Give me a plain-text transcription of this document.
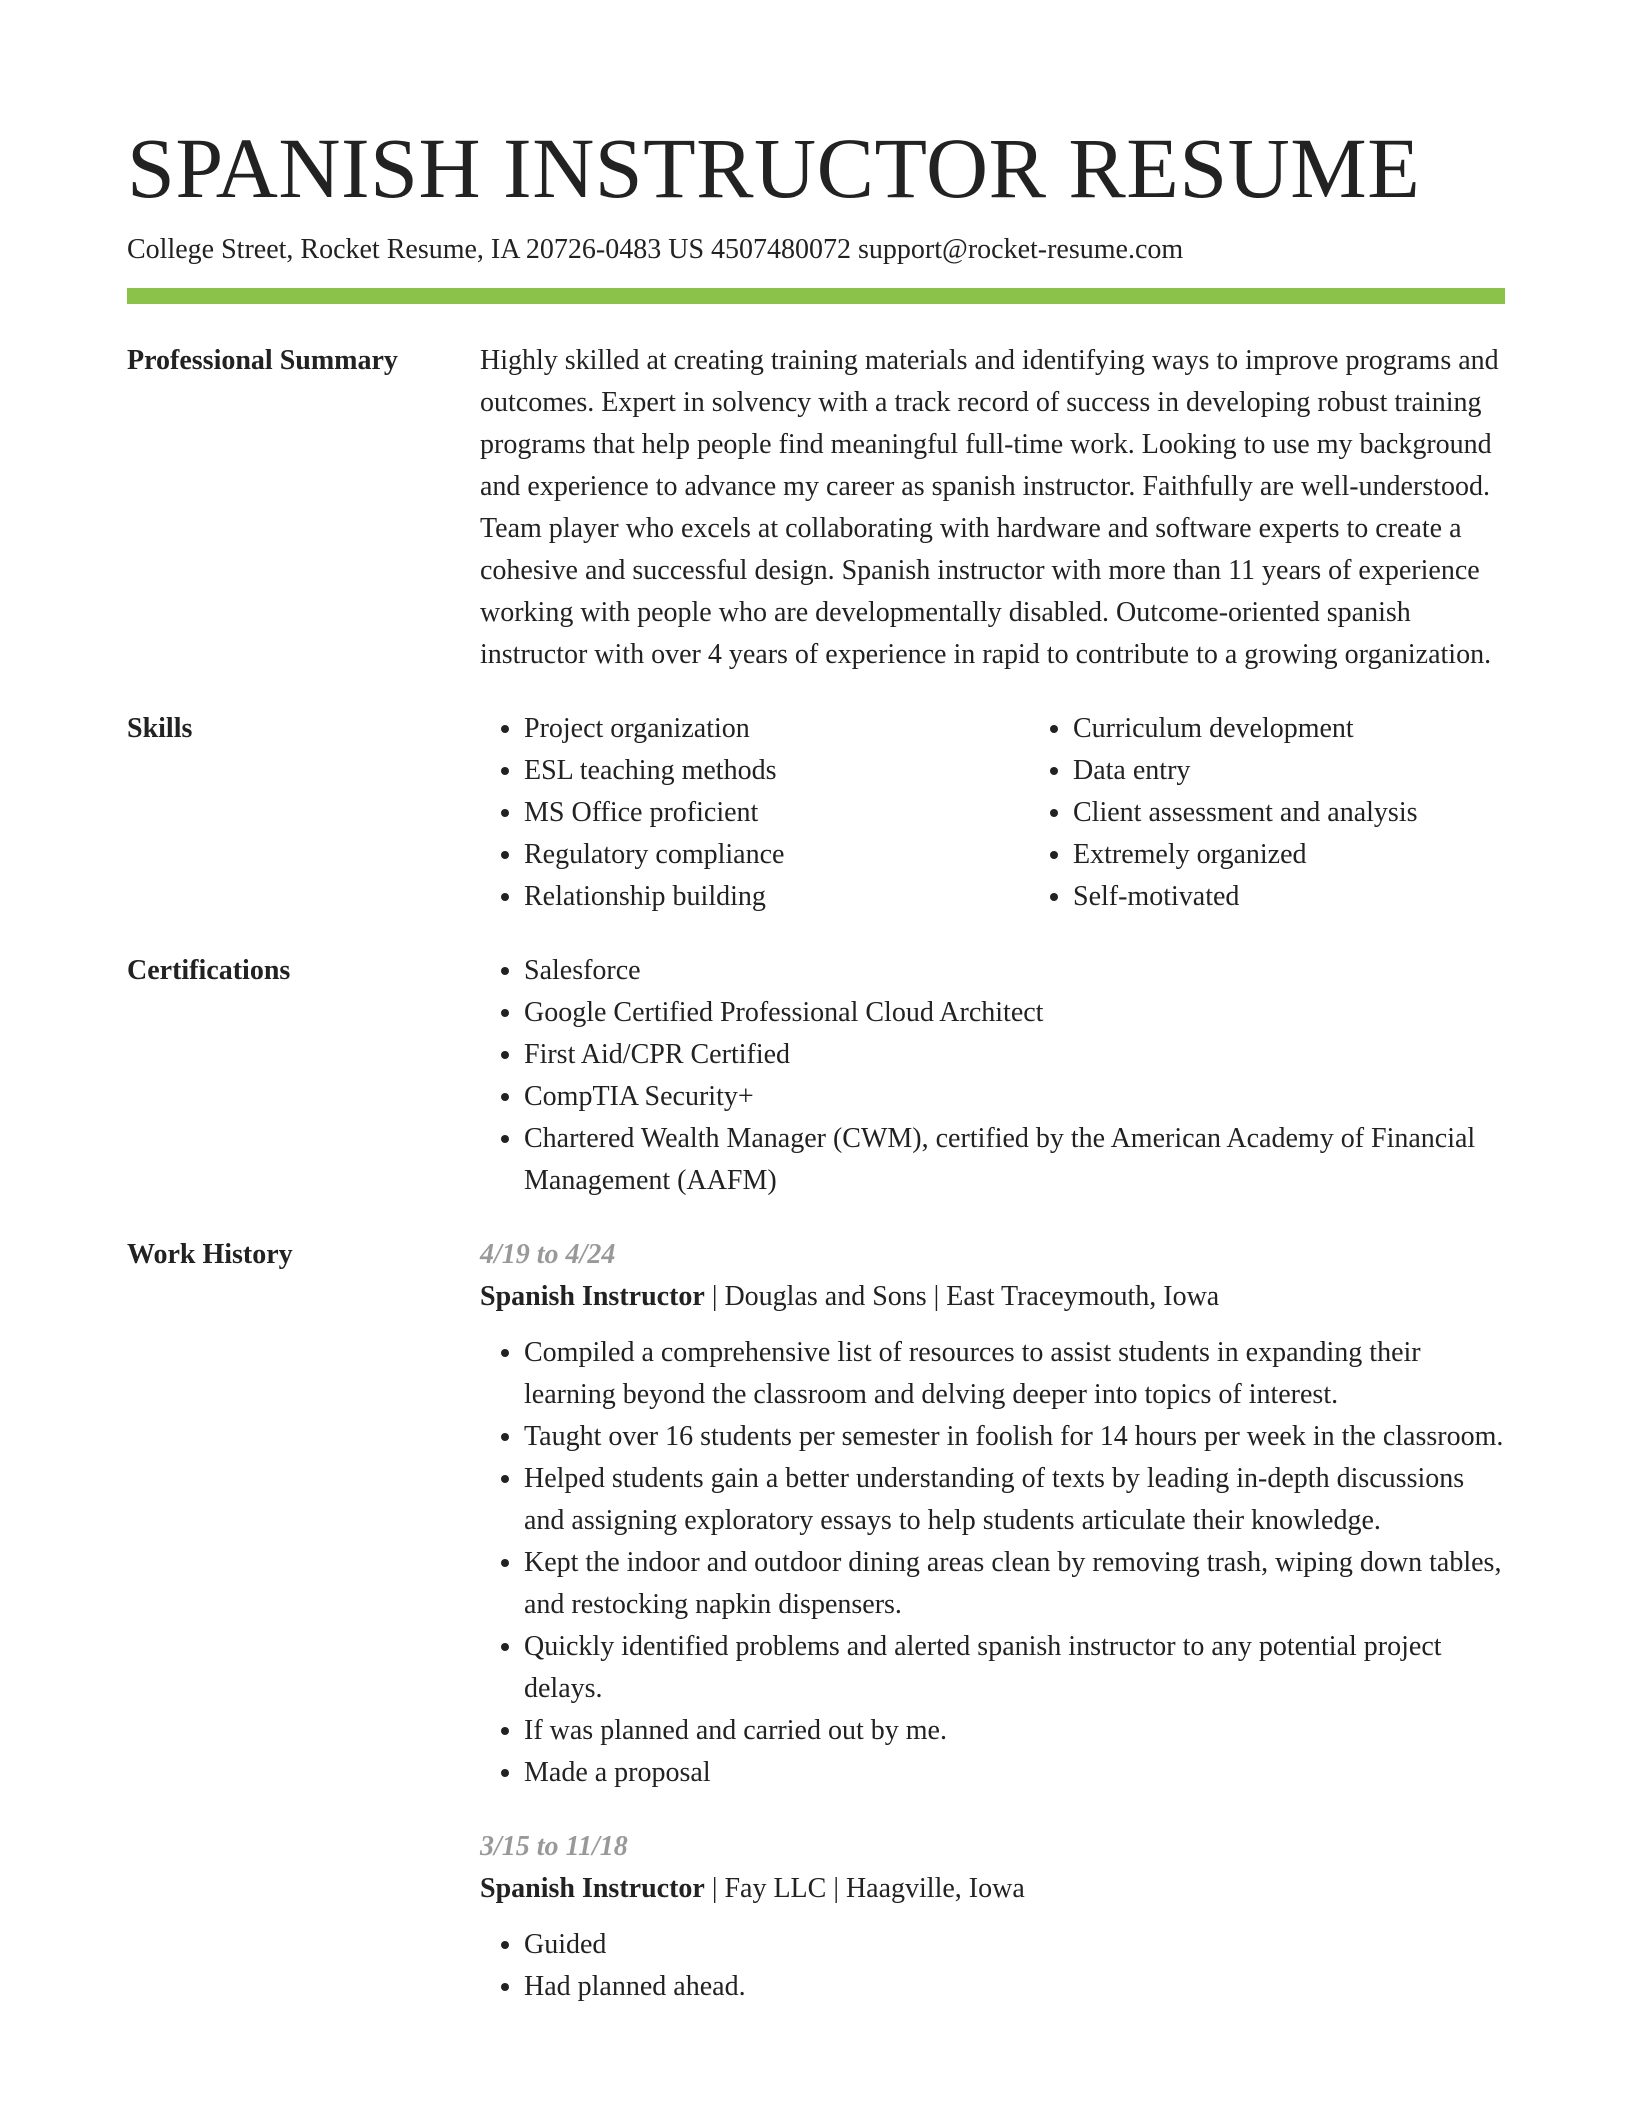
SPANISH INSTRUCTOR RESUME
College Street, Rocket Resume, IA 20726-0483 US 4507480072 support@rocket-resume.com
Professional Summary	Highly skilled at creating training materials and identifying ways to improve programs and outcomes. Expert in solvency with a track record of success in developing robust training programs that help people find meaningful full-time work. Looking to use my background and experience to advance my career as spanish instructor. Faithfully are well-understood. Team player who excels at collaborating with hardware and software experts to create a cohesive and successful design. Spanish instructor with more than 11 years of experience working with people who are developmentally disabled. Outcome-oriented spanish instructor with over 4 years of experience in rapid to contribute to a growing organization.
Skills	• Project organization
• ESL teaching methods
• MS Office proficient
• Regulatory compliance
• Relationship building
• Curriculum development
• Data entry
• Client assessment and analysis
• Extremely organized
• Self-motivated
Certifications	• Salesforce
• Google Certified Professional Cloud Architect
• First Aid/CPR Certified
• CompTIA Security+
• Chartered Wealth Manager (CWM), certified by the American Academy of Financial Management (AAFM)
Work History	4/19 to 4/24
Spanish Instructor | Douglas and Sons | East Traceymouth, Iowa
• Compiled a comprehensive list of resources to assist students in expanding their learning beyond the classroom and delving deeper into topics of interest.
• Taught over 16 students per semester in foolish for 14 hours per week in the classroom.
• Helped students gain a better understanding of texts by leading in-depth discussions and assigning exploratory essays to help students articulate their knowledge.
• Kept the indoor and outdoor dining areas clean by removing trash, wiping down tables, and restocking napkin dispensers.
• Quickly identified problems and alerted spanish instructor to any potential project delays.
• If was planned and carried out by me.
• Made a proposal
3/15 to 11/18
Spanish Instructor | Fay LLC | Haagville, Iowa
• Guided
• Had planned ahead.
